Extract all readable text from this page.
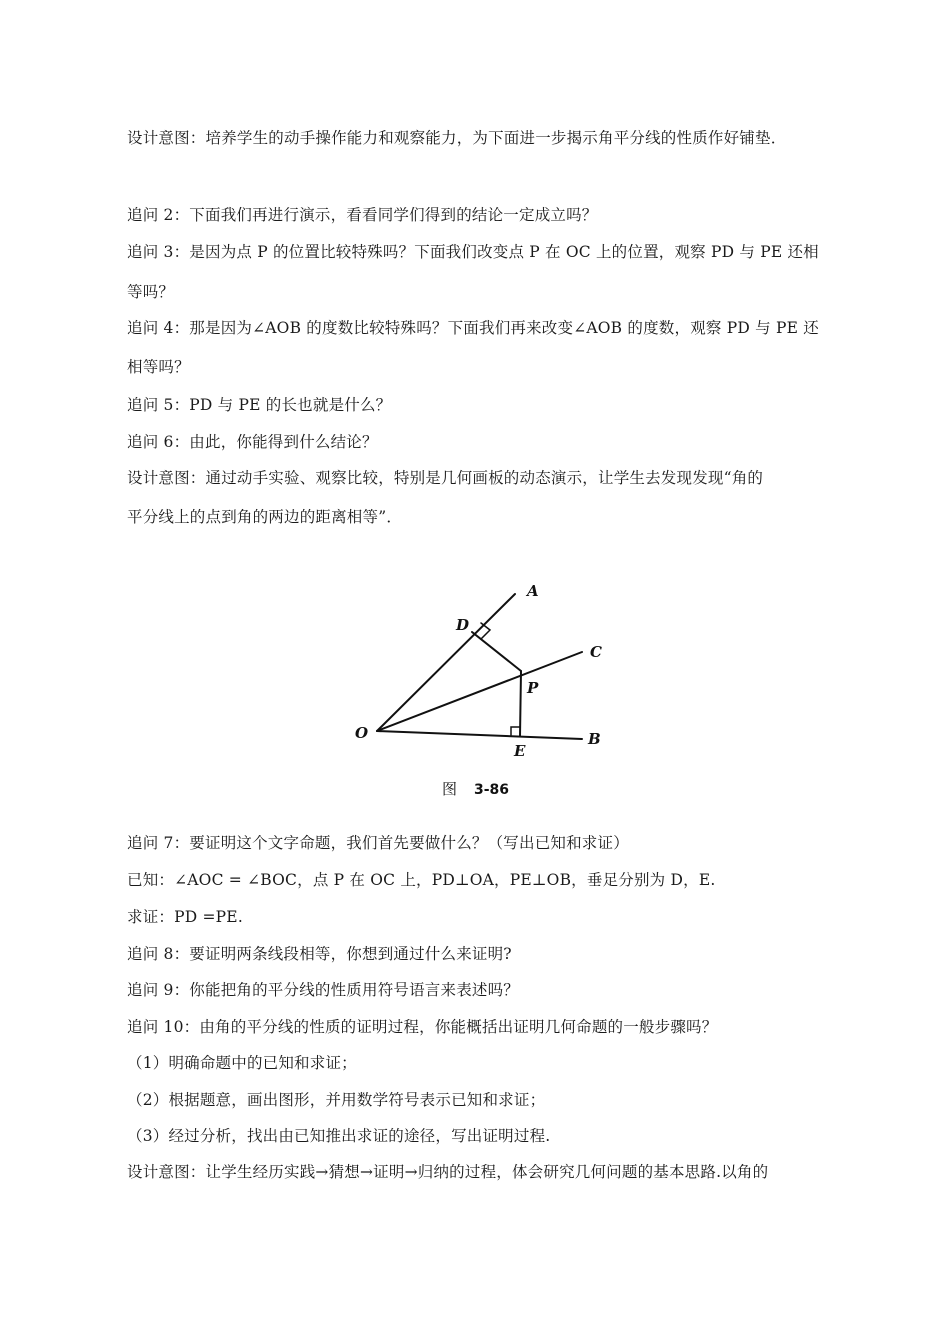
设计意图：培养学生的动手操作能力和观察能力，为下面进一步揭示角平分线的性质作好铺垫．
追问 2：下面我们再进行演示，看看同学们得到的结论一定成立吗？
追问 3：是因为点 P 的位置比较特殊吗？下面我们改变点 P 在 OC 上的位置，观察 PD 与 PE 还相
等吗？
追问 4：那是因为∠AOB 的度数比较特殊吗？下面我们再来改变∠AOB 的度数，观察 PD 与 PE 还
相等吗？
追问 5：PD 与 PE 的长也就是什么？
追问 6：由此，你能得到什么结论？
设计意图：通过动手实验、观察比较，特别是几何画板的动态演示，让学生去发现发现“角的
平分线上的点到角的两边的距离相等”．
A
D
C
P
O
E
B
图 3-86
追问 7：要证明这个文字命题，我们首先要做什么？（写出已知和求证）
已知：∠AOC = ∠BOC，点 P 在 OC 上，PD⊥OA，PE⊥OB，垂足分别为 D，E.
求证：PD =PE.
追问 8：要证明两条线段相等，你想到通过什么来证明?
追问 9：你能把角的平分线的性质用符号语言来表述吗？
追问 10：由角的平分线的性质的证明过程，你能概括出证明几何命题的一般步骤吗？
（1）明确命题中的已知和求证；
（2）根据题意，画出图形，并用数学符号表示已知和求证；
（3）经过分析，找出由已知推出求证的途径，写出证明过程.
设计意图：让学生经历实践→猜想→证明→归纳的过程，体会研究几何问题的基本思路.以角的
